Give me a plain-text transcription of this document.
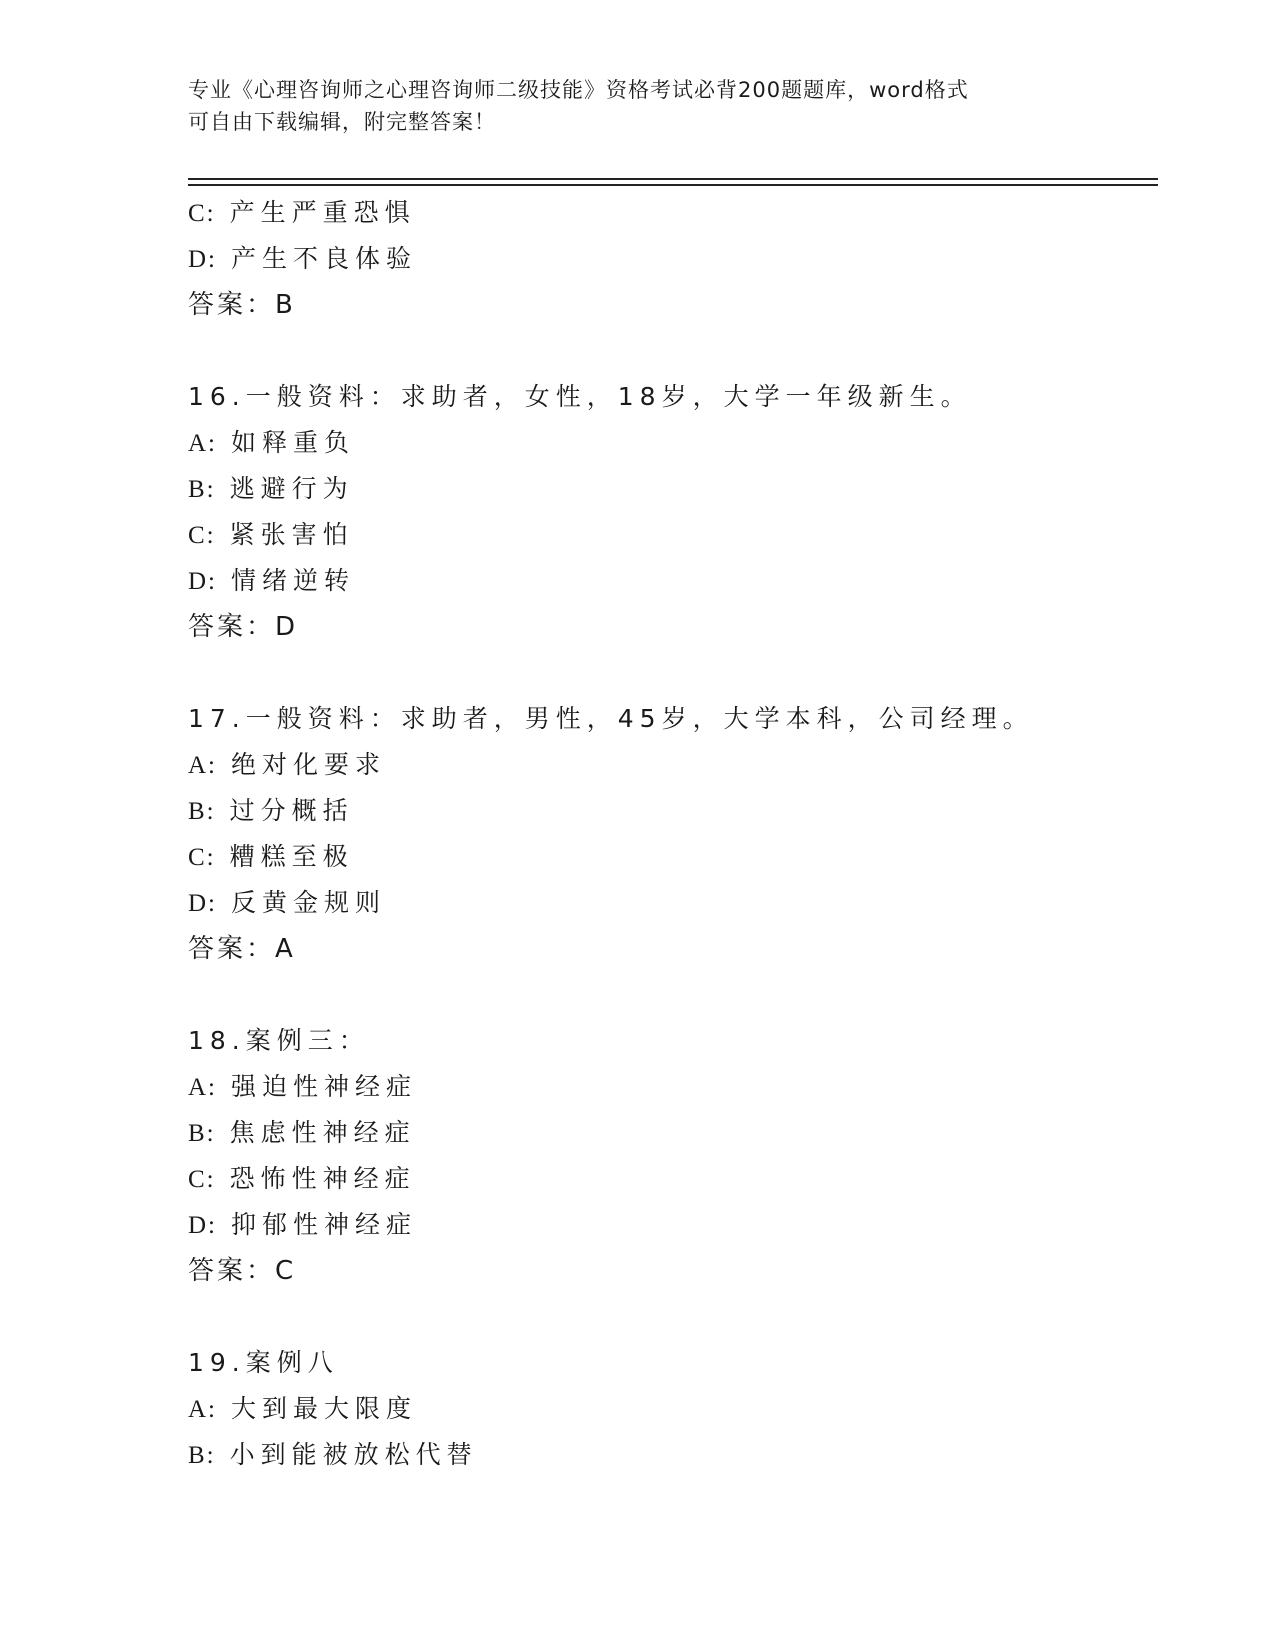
专业《心理咨询师之心理咨询师二级技能》资格考试必背200题题库，word格式
可自由下载编辑，附完整答案！
C: 产生严重恐惧
D: 产生不良体验
答案：B
16.一般资料：求助者，女性，18岁，大学一年级新生。
A: 如释重负
B: 逃避行为
C: 紧张害怕
D: 情绪逆转
答案：D
17.一般资料：求助者，男性，45岁，大学本科，公司经理。
A: 绝对化要求
B: 过分概括
C: 糟糕至极
D: 反黄金规则
答案：A
18.案例三：
A: 强迫性神经症
B: 焦虑性神经症
C: 恐怖性神经症
D: 抑郁性神经症
答案：C
19.案例八
A: 大到最大限度
B: 小到能被放松代替
